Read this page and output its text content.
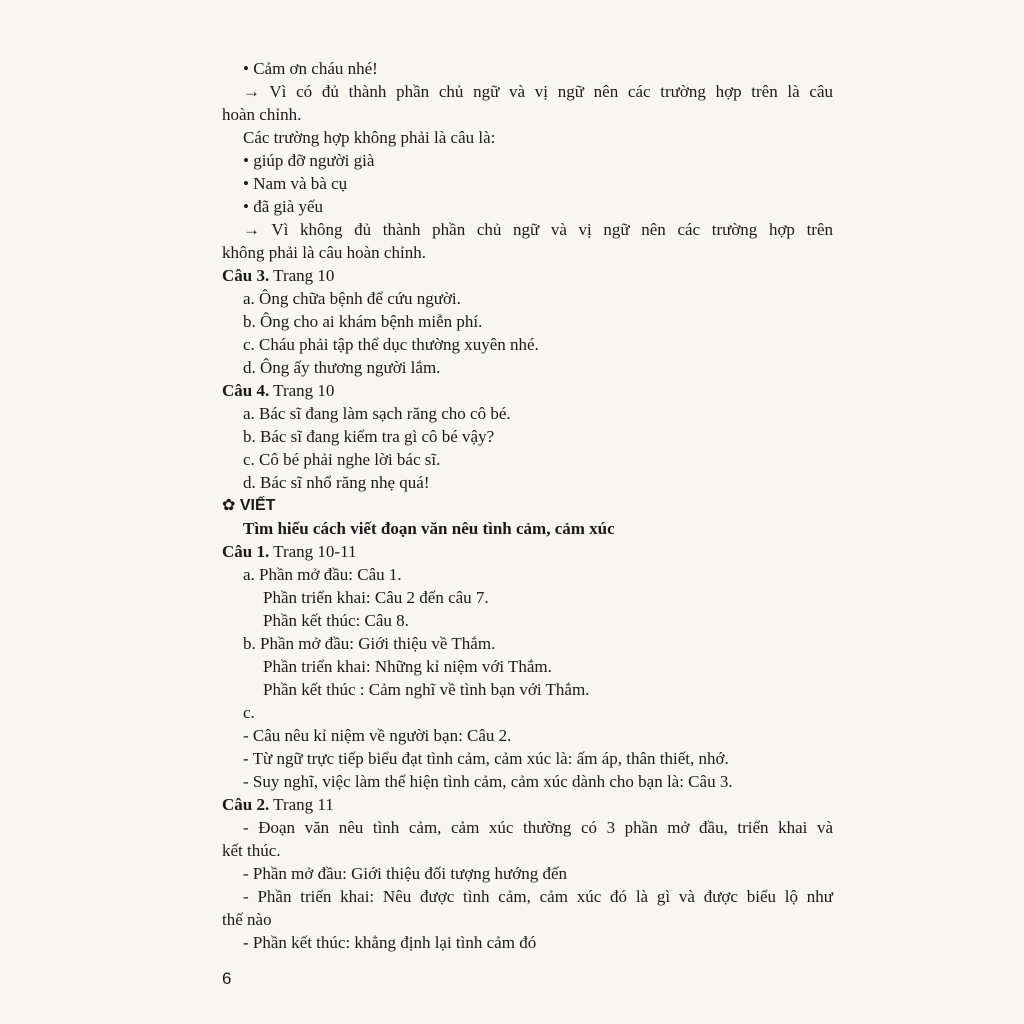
• Cảm ơn cháu nhé!
→ Vì có đủ thành phần chủ ngữ và vị ngữ nên các trường hợp trên là câu
hoàn chỉnh.
Các trường hợp không phải là câu là:
• giúp đỡ người già
• Nam và bà cụ
• đã già yếu
→ Vì không đủ thành phần chủ ngữ và vị ngữ nên các trường hợp trên
không phải là câu hoàn chỉnh.
Câu 3. Trang 10
a. Ông chữa bệnh để cứu người.
b. Ông cho ai khám bệnh miễn phí.
c. Cháu phải tập thể dục thường xuyên nhé.
d. Ông ấy thương người lắm.
Câu 4. Trang 10
a. Bác sĩ đang làm sạch răng cho cô bé.
b. Bác sĩ đang kiểm tra gì cô bé vậy?
c. Cô bé phải nghe lời bác sĩ.
d. Bác sĩ nhổ răng nhẹ quá!
✿ VIẾT
Tìm hiểu cách viết đoạn văn nêu tình cảm, cảm xúc
Câu 1. Trang 10-11
a. Phần mở đầu: Câu 1.
Phần triển khai: Câu 2 đến câu 7.
Phần kết thúc: Câu 8.
b. Phần mở đầu: Giới thiệu về Thắm.
Phần triển khai: Những kỉ niệm với Thắm.
Phần kết thúc : Cảm nghĩ về tình bạn với Thắm.
c.
- Câu nêu kỉ niệm về người bạn: Câu 2.
- Từ ngữ trực tiếp biểu đạt tình cảm, cảm xúc là: ấm áp, thân thiết, nhớ.
- Suy nghĩ, việc làm thể hiện tình cảm, cảm xúc dành cho bạn là: Câu 3.
Câu 2. Trang 11
- Đoạn văn nêu tình cảm, cảm xúc thường có 3 phần mở đầu, triển khai và
kết thúc.
- Phần mở đầu: Giới thiệu đối tượng hướng đến
- Phần triển khai: Nêu được tình cảm, cảm xúc đó là gì và được biểu lộ như
thế nào
- Phần kết thúc: khẳng định lại tình cảm đó
6
